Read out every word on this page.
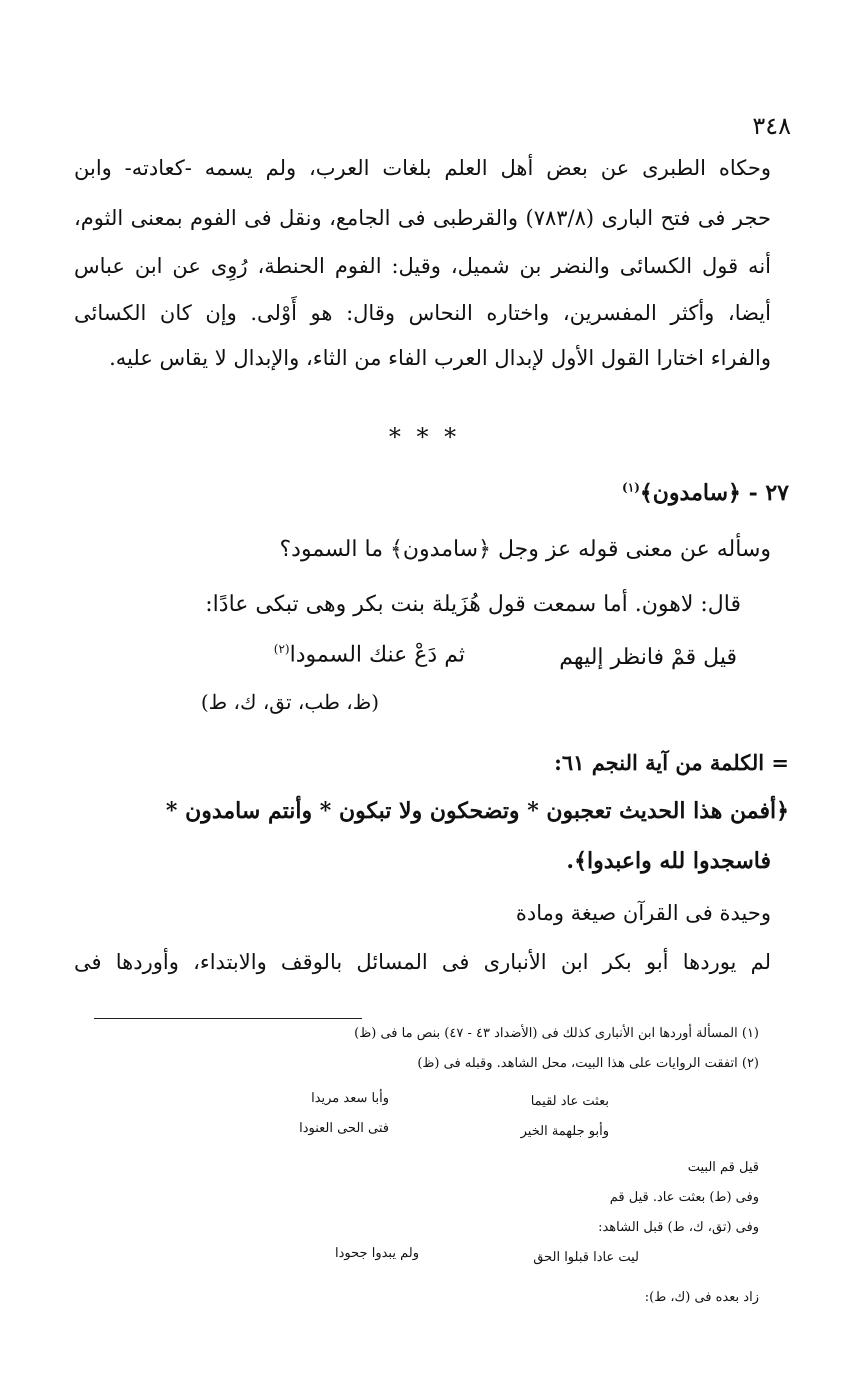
٣٤٨
وحكاه الطبرى عن بعض أهل العلم بلغات العرب، ولم يسمه -كعادته- وابن
حجر فى فتح البارى (٧٨٣/٨) والقرطبى فى الجامع، ونقل فى الفوم بمعنى الثوم،
أنه قول الكسائى والنضر بن شميل، وقيل: الفوم الحنطة، رُوِى عن ابن عباس
أيضا، وأكثر المفسرين، واختاره النحاس وقال: هو أَوْلى. وإن كان الكسائى
والفراء اختارا القول الأول لإبدال العرب الفاء من الثاء، والإبدال لا يقاس عليه.
* * *
٢٧ - ﴿سامدون﴾$^{(١)}$
وسأله عن معنى قوله عز وجل ﴿سامدون﴾ ما السمود؟
قال: لاهون. أما سمعت قول هُزَيلة بنت بكر وهى تبكى عادًا:
قيل قمْ فانظر إليهم
ثم دَعْ عنك السمودا$^{(٢)}$
(ظ، طب، تق، ك، ط)
= الكلمة من آية النجم ٦١:
﴿أفمن هذا الحديث تعجبون * وتضحكون ولا تبكون * وأنتم سامدون *
فاسجدوا لله واعبدوا﴾.
وحيدة فى القرآن صيغة ومادة
لم يوردها أبو بكر ابن الأنبارى فى المسائل بالوقف والابتداء، وأوردها فى
(١) المسألة أوردها ابن الأنبارى كذلك فى (الأضداد ٤٣ - ٤٧) بنص ما فى (ظ)
(٢) اتفقت الروايات على هذا البيت، محل الشاهد. وقبله فى (ظ)
بعثت عاد لقيما
وأبا سعد مريدا
وأبو جلهمة الخير
فتى الحى العنودا
قيل قم البيت
وفى (ط) بعثت عاد. قيل قم
وفى (تق، ك، ط) قبل الشاهد:
ليت عادا قبلوا الحق
ولم يبدوا جحودا
زاد بعده فى (ك، ط):
